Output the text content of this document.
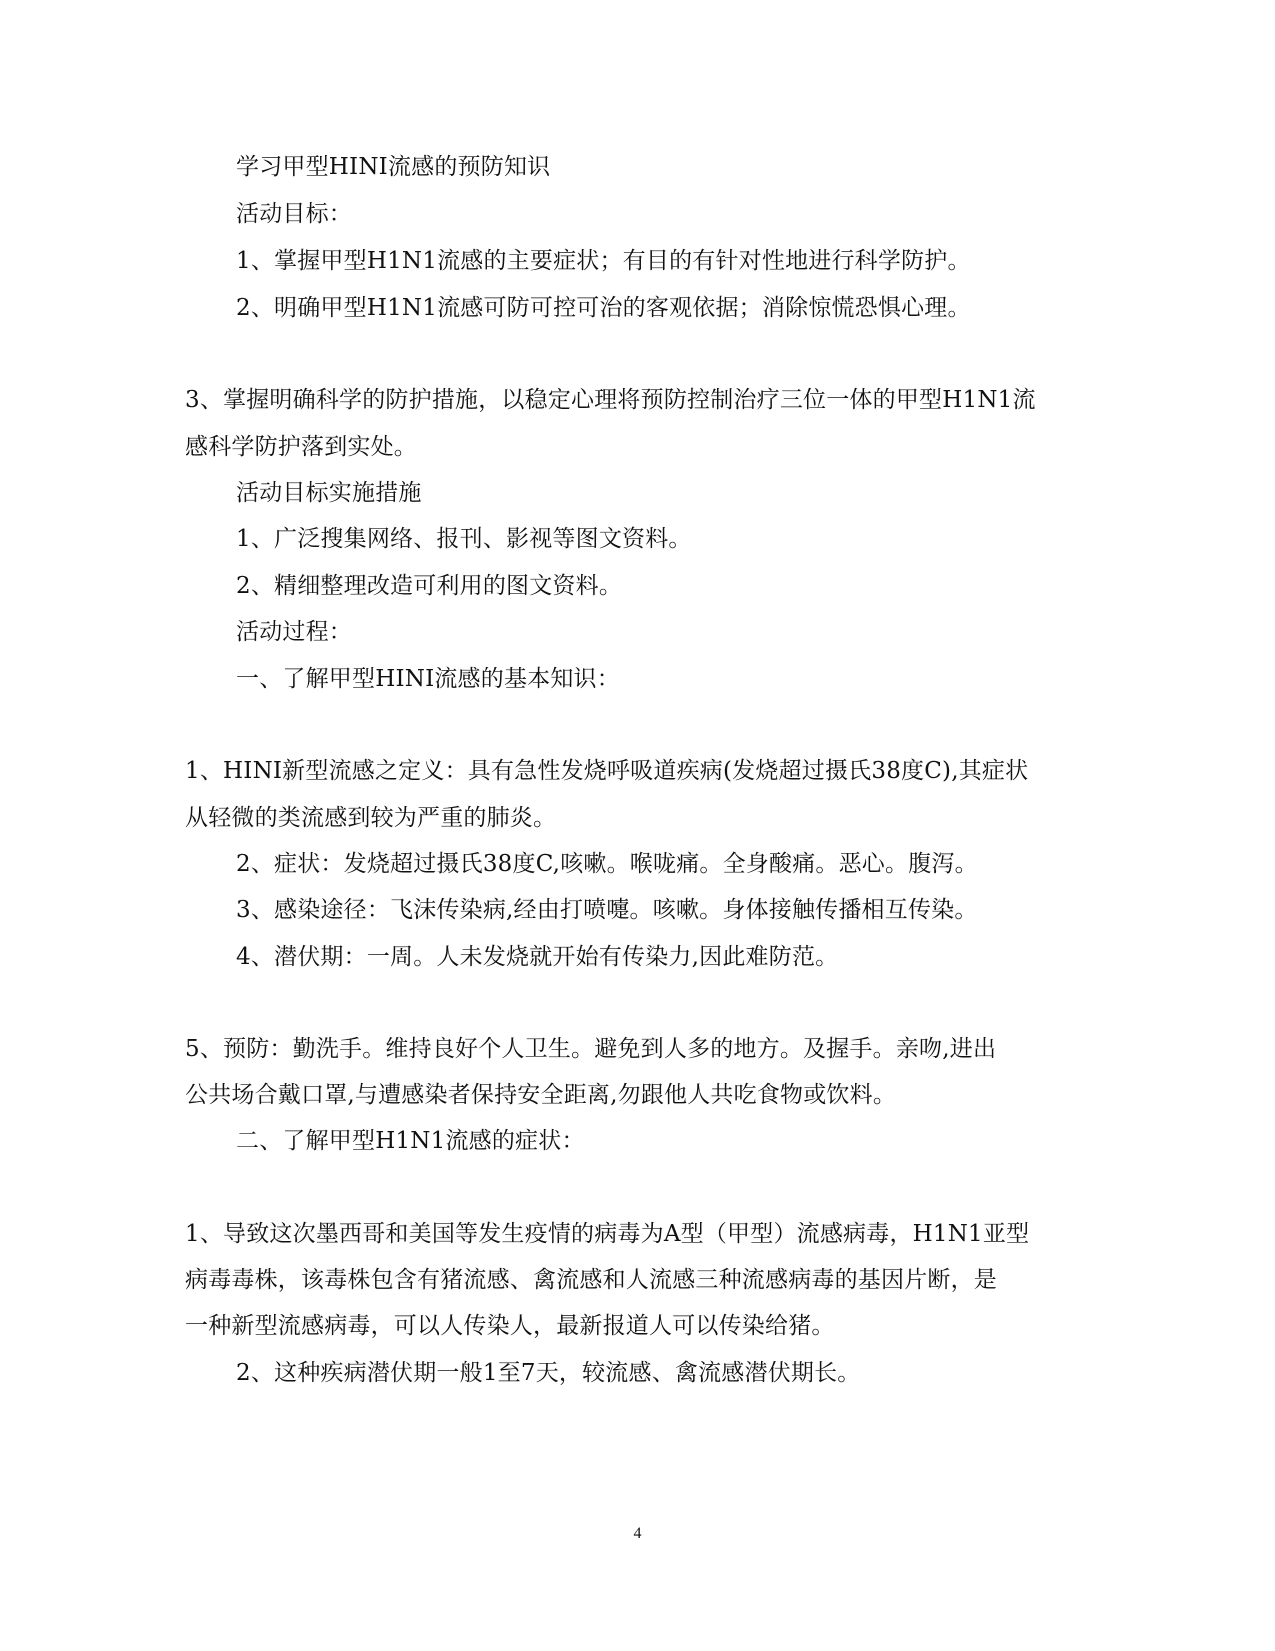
学习甲型HINI流感的预防知识
活动目标：
1、掌握甲型H1N1流感的主要症状；有目的有针对性地进行科学防护。
2、明确甲型H1N1流感可防可控可治的客观依据；消除惊慌恐惧心理。
3、掌握明确科学的防护措施，以稳定心理将预防控制治疗三位一体的甲型H1N1流
感科学防护落到实处。
活动目标实施措施
1、广泛搜集网络、报刊、影视等图文资料。
2、精细整理改造可利用的图文资料。
活动过程：
一、了解甲型HINI流感的基本知识：
1、HINI新型流感之定义：具有急性发烧呼吸道疾病(发烧超过摄氏38度C),其症状
从轻微的类流感到较为严重的肺炎。
2、症状：发烧超过摄氏38度C,咳嗽。喉咙痛。全身酸痛。恶心。腹泻。
3、感染途径：飞沫传染病,经由打喷嚏。咳嗽。身体接触传播相互传染。
4、潜伏期：一周。人未发烧就开始有传染力,因此难防范。
5、预防：勤洗手。维持良好个人卫生。避免到人多的地方。及握手。亲吻,进出
公共场合戴口罩,与遭感染者保持安全距离,勿跟他人共吃食物或饮料。
二、了解甲型H1N1流感的症状：
1、导致这次墨西哥和美国等发生疫情的病毒为A型（甲型）流感病毒，H1N1亚型
病毒毒株，该毒株包含有猪流感、禽流感和人流感三种流感病毒的基因片断，是
一种新型流感病毒，可以人传染人，最新报道人可以传染给猪。
2、这种疾病潜伏期一般1至7天，较流感、禽流感潜伏期长。
4
